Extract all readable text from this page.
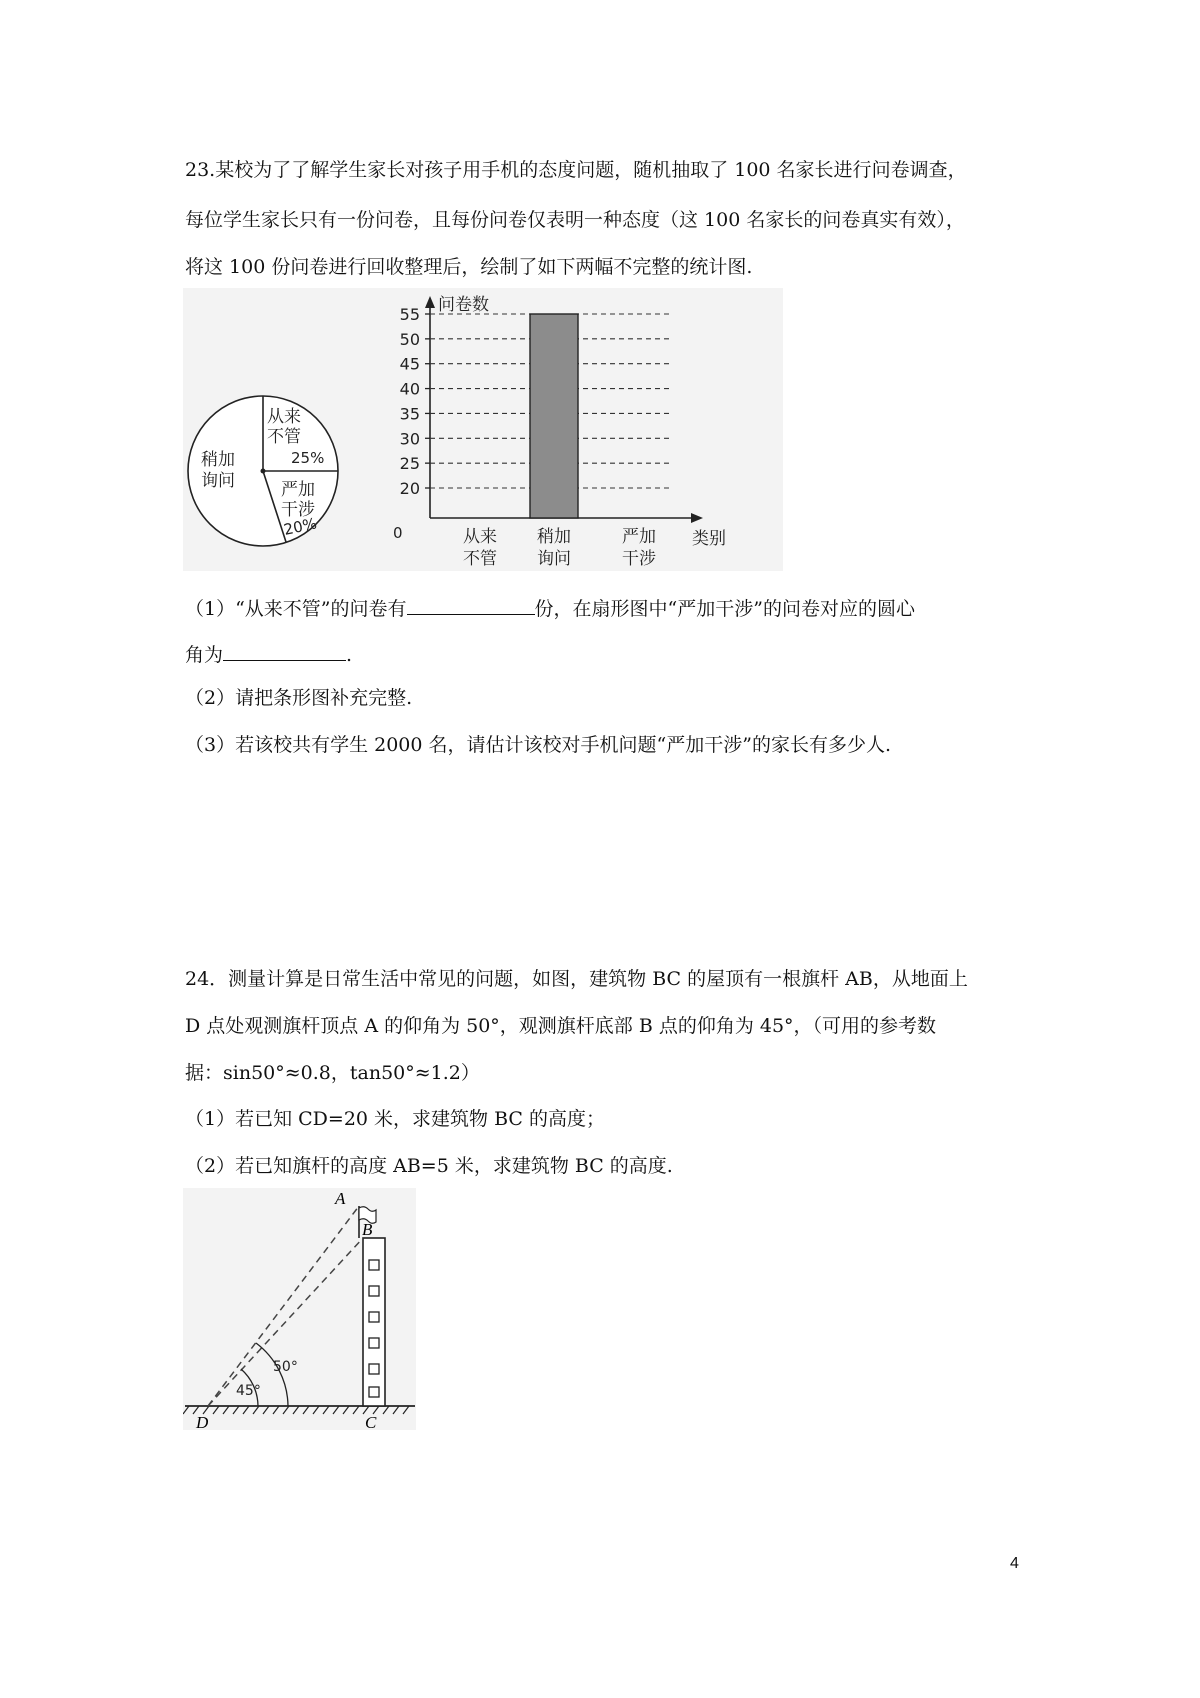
23.某校为了了解学生家长对孩子用手机的态度问题，随机抽取了 100 名家长进行问卷调查，
每位学生家长只有一份问卷，且每份问卷仅表明一种态度（这 100 名家长的问卷真实有效），
将这 100 份问卷进行回收整理后，绘制了如下两幅不完整的统计图.
从来
不管
25%
稍加
询问	严加
干涉
20%
问卷数
类别
0
20
25
30
35
40
45
50
55
从来
不管
稍加
询问
严加
干涉
（1）“从来不管”的问卷有	份，在扇形图中“严加干涉”的问卷对应的圆心
角为	.
（2）请把条形图补充完整.
（3）若该校共有学生 2000 名，请估计该校对手机问题“严加干涉”的家长有多少人.
24．测量计算是日常生活中常见的问题，如图，建筑物 BC 的屋顶有一根旗杆 AB，从地面上
D 点处观测旗杆顶点 A 的仰角为 50°，观测旗杆底部 B 点的仰角为 45°，（可用的参考数
据：sin50°≈0.8，tan50°≈1.2）
（1）若已知 CD=20 米，求建筑物 BC 的高度；
（2）若已知旗杆的高度 AB=5 米，求建筑物 BC 的高度.
45°
50°
A
B
C
D
4
